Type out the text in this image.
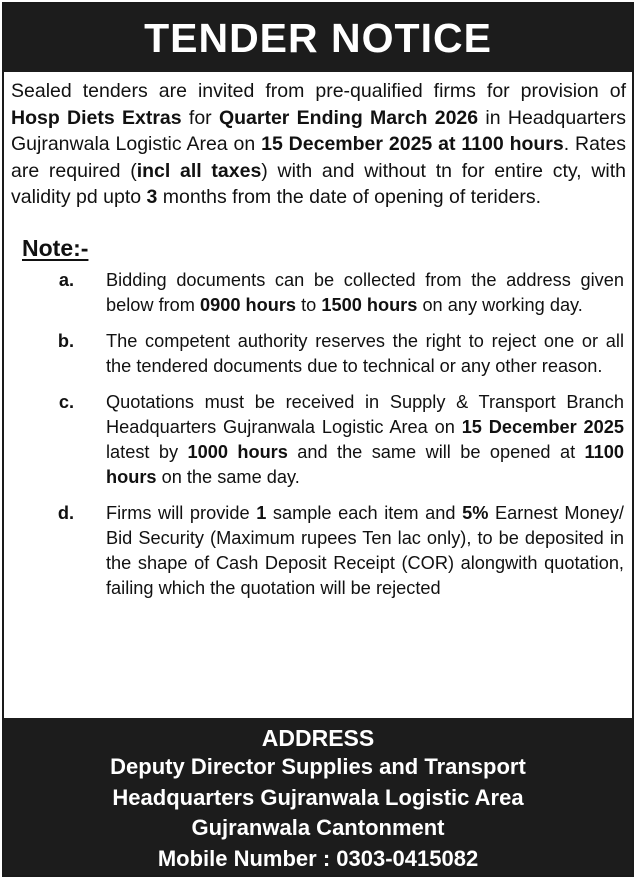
TENDER NOTICE
Sealed tenders are invited from pre-qualified firms for provision of Hosp Diets Extras for Quarter Ending March 2026 in Headquarters Gujranwala Logistic Area on 15 December 2025 at 1100 hours. Rates are required (incl all taxes) with and without tn for entire cty, with validity pd upto 3 months from the date of opening of teriders.
Note:-
a.	Bidding documents can be collected from the address given below from 0900 hours to 1500 hours on any working day.
b.	The competent authority reserves the right to reject one or all the tendered documents due to technical or any other reason.
c.	Quotations must be received in Supply & Transport Branch Headquarters Gujranwala Logistic Area on 15 December 2025 latest by 1000 hours and the same will be opened at 1100 hours on the same day.
d.	Firms will provide 1 sample each item and 5% Earnest Money/ Bid Security (Maximum rupees Ten lac only), to be deposited in the shape of Cash Deposit Receipt (COR) alongwith quotation, failing which the quotation will be rejected
ADDRESS
Deputy Director Supplies and Transport
Headquarters Gujranwala Logistic Area
Gujranwala Cantonment
Mobile Number : 0303-0415082
